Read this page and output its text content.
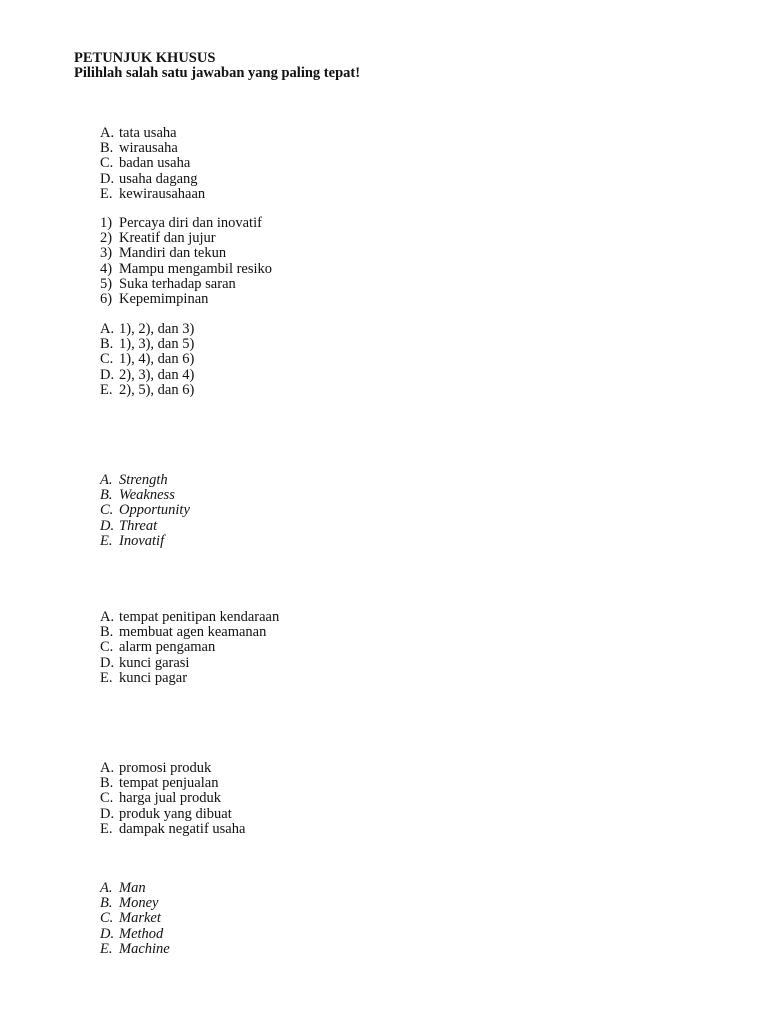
PETUNJUK KHUSUS
Pilihlah salah satu jawaban yang paling tepat!
A. tata usaha
B. wirausaha
C. badan usaha
D. usaha dagang
E. kewirausahaan
1) Percaya diri dan inovatif
2) Kreatif dan jujur
3) Mandiri dan tekun
4) Mampu mengambil resiko
5) Suka terhadap saran
6) Kepemimpinan
A. 1), 2), dan 3)
B. 1), 3), dan 5)
C. 1), 4), dan 6)
D. 2), 3), dan 4)
E. 2), 5), dan 6)
A. Strength
B. Weakness
C. Opportunity
D. Threat
E. Inovatif
A. tempat penitipan kendaraan
B. membuat agen keamanan
C. alarm pengaman
D. kunci garasi
E. kunci pagar
A. promosi produk
B. tempat penjualan
C. harga jual produk
D. produk yang dibuat
E. dampak negatif usaha
A. Man
B. Money
C. Market
D. Method
E. Machine
